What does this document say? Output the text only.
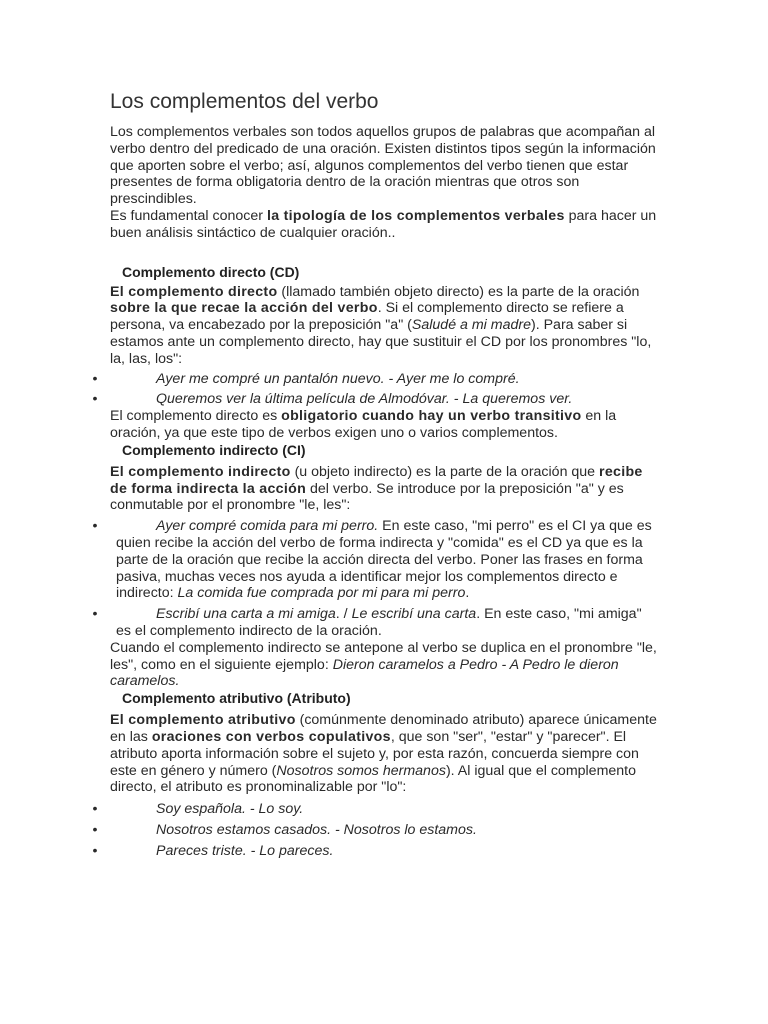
Los complementos del verbo

Los complementos verbales son todos aquellos grupos de palabras que acompañan al verbo dentro del predicado de una oración. Existen distintos tipos según la información que aporten sobre el verbo; así, algunos complementos del verbo tienen que estar presentes de forma obligatoria dentro de la oración mientras que otros son prescindibles.
Es fundamental conocer la tipología de los complementos verbales para hacer un buen análisis sintáctico de cualquier oración..

Complemento directo (CD)

El complemento directo (llamado también objeto directo) es la parte de la oración sobre la que recae la acción del verbo. Si el complemento directo se refiere a persona, va encabezado por la preposición "a" (Saludé a mi madre). Para saber si estamos ante un complemento directo, hay que sustituir el CD por los pronombres "lo, la, las, los":

•	Ayer me compré un pantalón nuevo. - Ayer me lo compré.
•	Queremos ver la última película de Almodóvar. - La queremos ver.

El complemento directo es obligatorio cuando hay un verbo transitivo en la oración, ya que este tipo de verbos exigen uno o varios complementos.

Complemento indirecto (CI)

El complemento indirecto (u objeto indirecto) es la parte de la oración que recibe de forma indirecta la acción del verbo. Se introduce por la preposición "a" y es conmutable por el pronombre "le, les":

•	Ayer compré comida para mi perro. En este caso, "mi perro" es el CI ya que es quien recibe la acción del verbo de forma indirecta y "comida" es el CD ya que es la parte de la oración que recibe la acción directa del verbo. Poner las frases en forma pasiva, muchas veces nos ayuda a identificar mejor los complementos directo e indirecto: La comida fue comprada por mi para mi perro.
•	Escribí una carta a mi amiga. / Le escribí una carta. En este caso, "mi amiga" es el complemento indirecto de la oración.

Cuando el complemento indirecto se antepone al verbo se duplica en el pronombre "le, les", como en el siguiente ejemplo: Dieron caramelos a Pedro - A Pedro le dieron caramelos.

Complemento atributivo (Atributo)

El complemento atributivo (comúnmente denominado atributo) aparece únicamente en las oraciones con verbos copulativos, que son "ser", "estar" y "parecer". El atributo aporta información sobre el sujeto y, por esta razón, concuerda siempre con este en género y número (Nosotros somos hermanos). Al igual que el complemento directo, el atributo es pronominalizable por "lo":

•	Soy española. - Lo soy.
•	Nosotros estamos casados. - Nosotros lo estamos.
•	Pareces triste. - Lo pareces.
